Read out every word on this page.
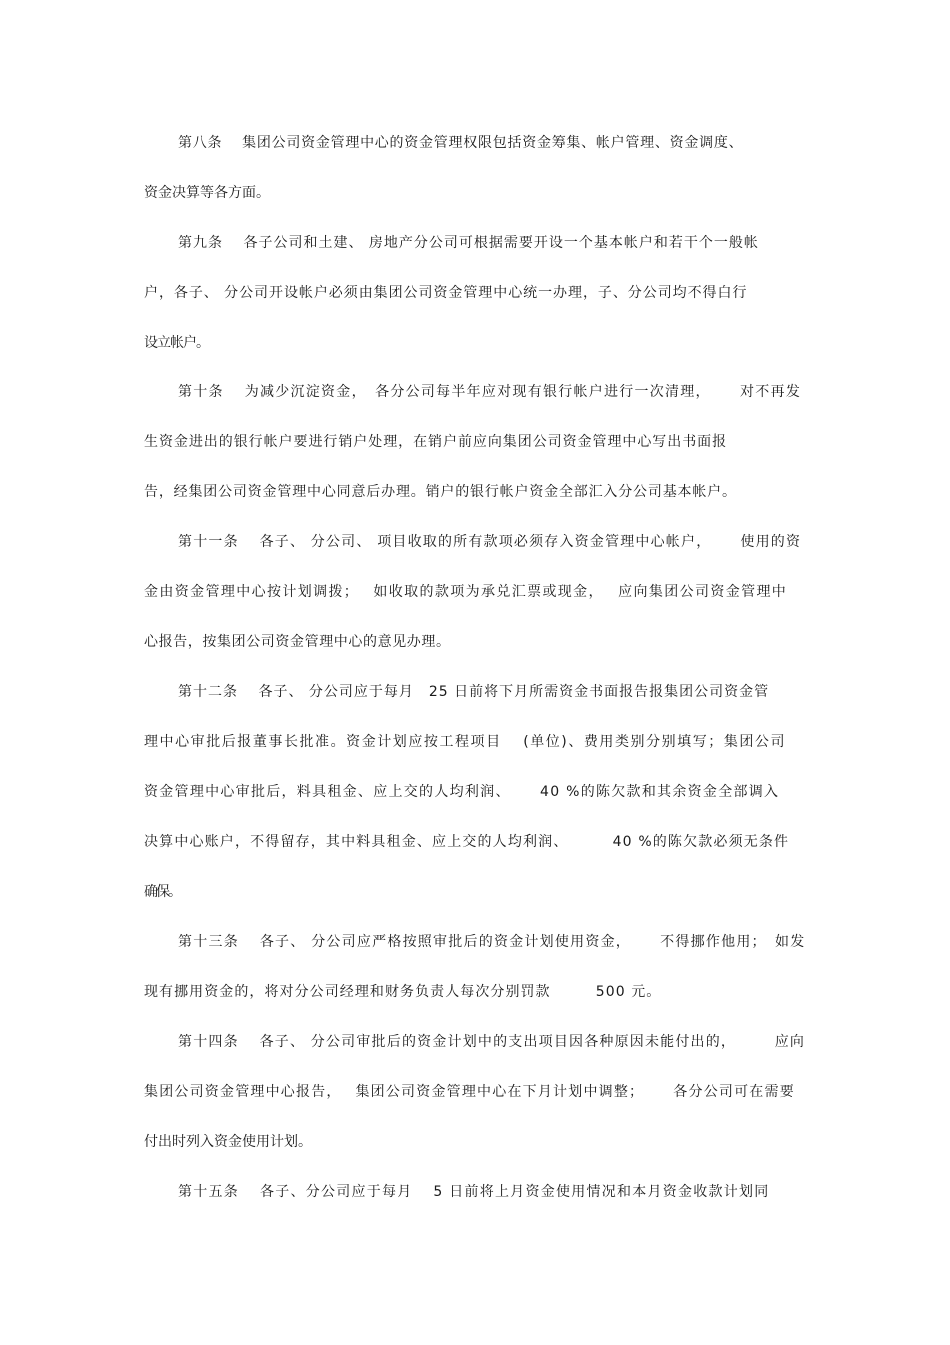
第八条　 集团公司资金管理中心的资金管理权限包括资金筹集、帐户管理、资金调度、
资金决算等各方面。
第九条　 各子公司和土建、 房地产分公司可根据需要开设一个基本帐户和若干个一般帐
户，各子、 分公司开设帐户必须由集团公司资金管理中心统一办理，子、分公司均不得白行
设立帐户。
第十条　 为减少沉淀资金，　各分公司每半年应对现有银行帐户进行一次清理，　　 对不再发
生资金进出的银行帐户要进行销户处理，在销户前应向集团公司资金管理中心写出书面报
告，经集团公司资金管理中心同意后办理。销户的银行帐户资金全部汇入分公司基本帐户。
第十一条　 各子、 分公司、 项目收取的所有款项必须存入资金管理中心帐户，　　 使用的资
金由资金管理中心按计划调拨；　 如收取的款项为承兑汇票或现金，　 应向集团公司资金管理中
心报告，按集团公司资金管理中心的意见办理。
第十二条　 各子、 分公司应于每月　25 日前将下月所需资金书面报告报集团公司资金管
理中心审批后报董事长批准。资金计划应按工程项目　 (单位)、费用类别分别填写；集团公司
资金管理中心审批后，料具租金、应上交的人均利润、　　 40 %的陈欠款和其余资金全部调入
决算中心账户，不得留存，其中料具租金、应上交的人均利润、　　　 40 %的陈欠款必须无条件
确保。
第十三条　 各子、 分公司应严格按照审批后的资金计划使用资金，　　 不得挪作他用；　如发
现有挪用资金的，将对分公司经理和财务负责人每次分别罚款　　　500 元。
第十四条　 各子、 分公司审批后的资金计划中的支出项目因各种原因未能付出的，　　　应向
集团公司资金管理中心报告，　 集团公司资金管理中心在下月计划中调整；　　 各分公司可在需要
付出时列入资金使用计划。
第十五条　 各子、分公司应于每月　 5 日前将上月资金使用情况和本月资金收款计划同
